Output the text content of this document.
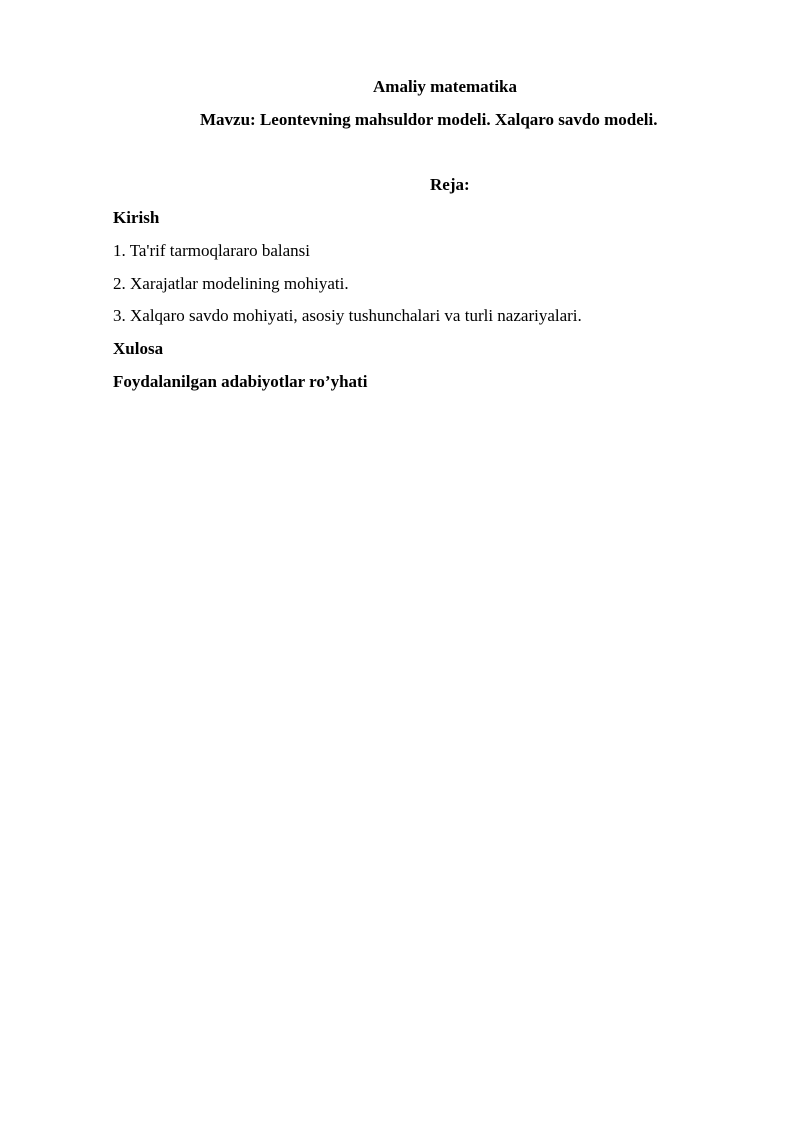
Amaliy matematika
Mavzu: Leontevning mahsuldor modeli. Xalqaro savdo modeli.
Reja:
Kirish
1. Ta'rif tarmoqlararo balansi
2. Xarajatlar modelining mohiyati.
3. Xalqaro savdo mohiyati, asosiy tushunchalari va turli nazariyalari.
Xulosa
Foydalanilgan adabiyotlar ro’yhati
